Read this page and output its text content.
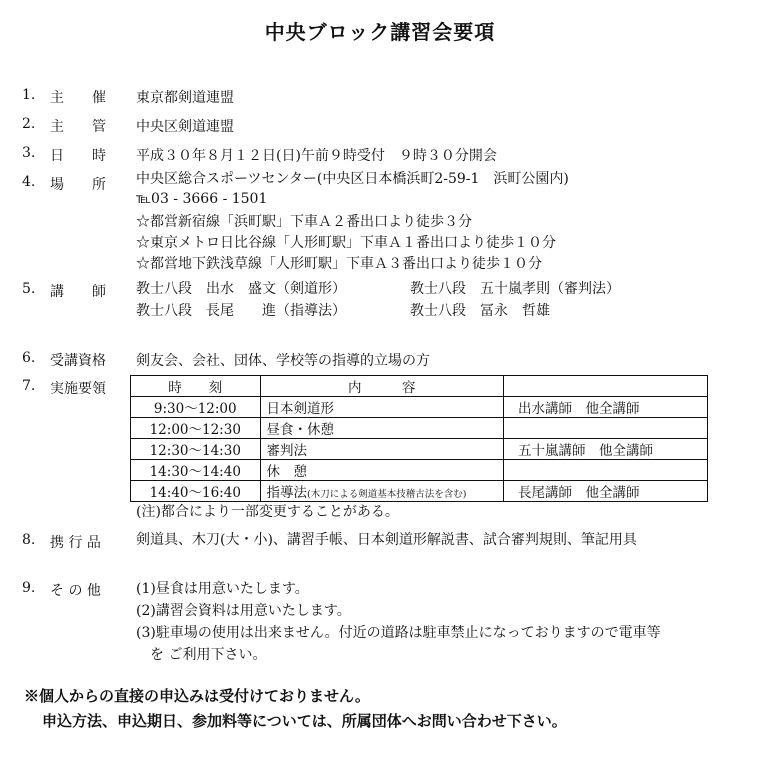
中央ブロック講習会要項
1. 主　　催 東京都剣道連盟
2. 主　　管 中央区剣道連盟
3. 日　　時 平成３０年８月１２日(日)午前９時受付　９時３０分開会
4. 場　　所 中央区総合スポーツセンター(中央区日本橋浜町2-59-1　浜町公園内)
℡03 - 3666 - 1501
☆都営新宿線「浜町駅」下車Ａ２番出口より徒歩３分
☆東京メトロ日比谷線「人形町駅」下車Ａ１番出口より徒歩１０分
☆都営地下鉄浅草線「人形町駅」下車Ａ３番出口より徒歩１０分
5. 講　　師 教士八段　出水　盛文（剣道形）	教士八段　五十嵐孝則（審判法）
教士八段　長尾　　進（指導法）	教士八段　冨永　哲雄
6. 受講資格 剣友会、会社、団体、学校等の指導的立場の方
7. 実施要領	時　　刻	内　　　容	
9:30～12:00	日本剣道形	出水講師　他全講師
12:00～12:30	昼食・休憩	
12:30～14:30	審判法	五十嵐講師　他全講師
14:30～14:40	休　憩	
14:40～16:40	指導法(木刀による剣道基本技稽古法を含む)	長尾講師　他全講師
(注)都合により一部変更することがある。
8. 携 行 品	剣道具、木刀(大・小)、講習手帳、日本剣道形解説書、試合審判規則、筆記用具
9. そ の 他	(1)昼食は用意いたします。
(2)講習会資料は用意いたします。
(3)駐車場の使用は出来ません。付近の道路は駐車禁止になっておりますので電車等
　を ご利用下さい。
※個人からの直接の申込みは受付けておりません。
申込方法、申込期日、参加料等については、所属団体へお問い合わせ下さい。
